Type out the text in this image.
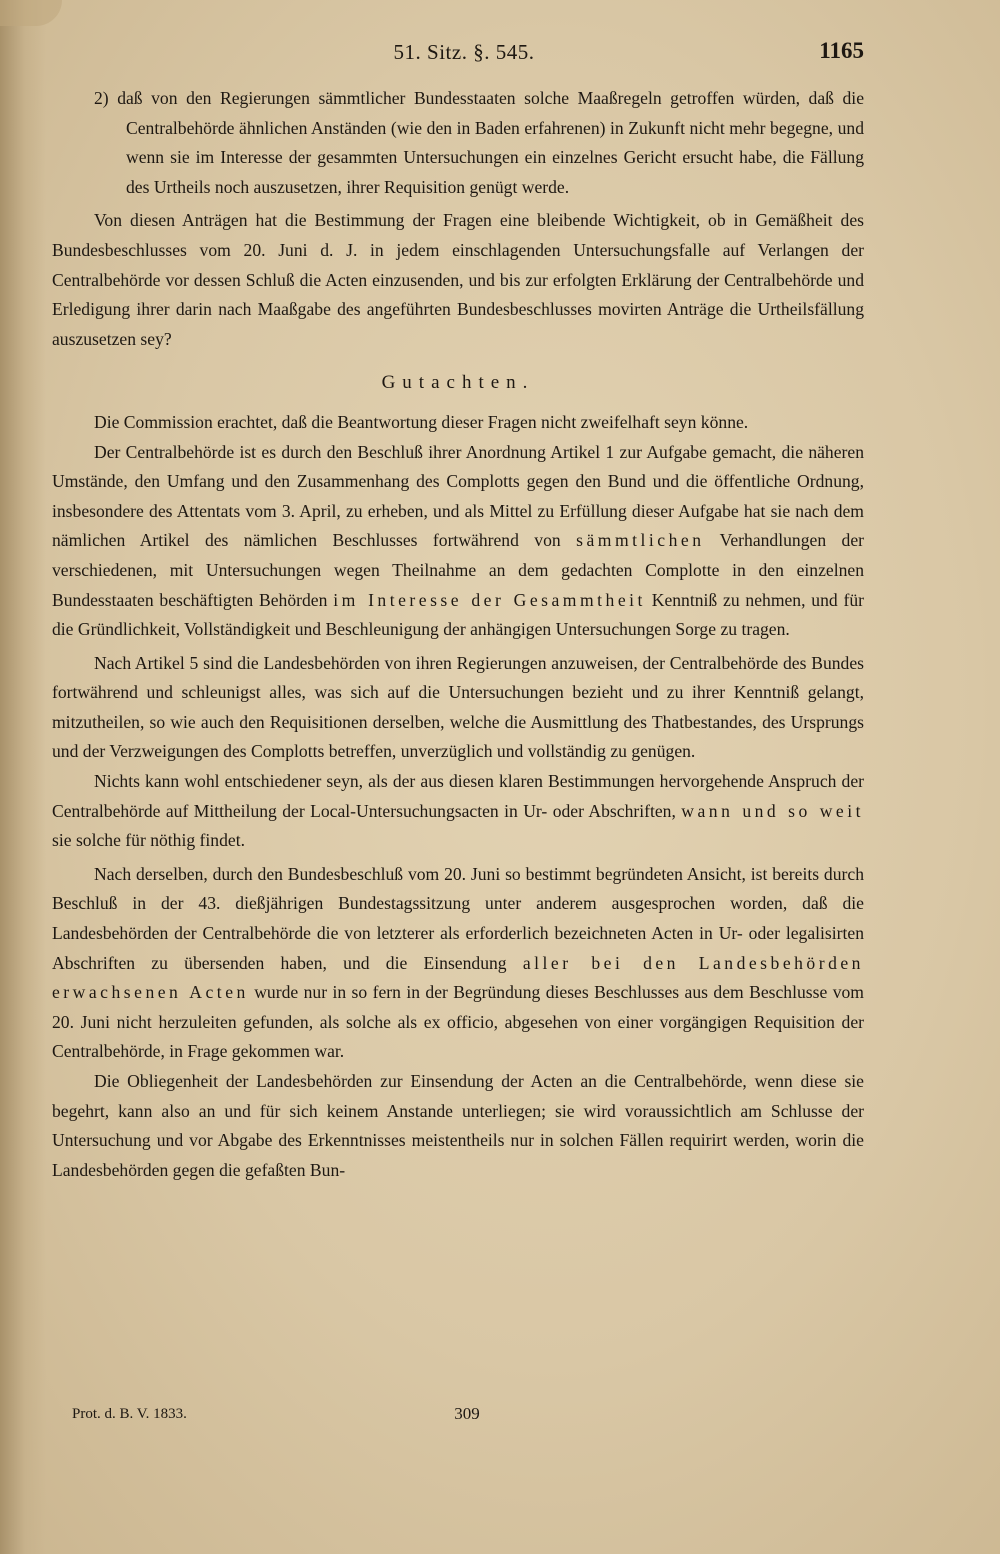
51. Sitz. §. 545.	1165

2) daß von den Regierungen sämmtlicher Bundesstaaten solche Maaßregeln getroffen würden, daß die Centralbehörde ähnlichen Anständen (wie den in Baden erfahrenen) in Zukunft nicht mehr begegne, und wenn sie im Interesse der gesammten Untersuchungen ein einzelnes Gericht ersucht habe, die Fällung des Urtheils noch auszusetzen, ihrer Requisition genügt werde.

Von diesen Anträgen hat die Bestimmung der Fragen eine bleibende Wichtigkeit, ob in Gemäßheit des Bundesbeschlusses vom 20. Juni d. J. in jedem einschlagenden Untersuchungsfalle auf Verlangen der Centralbehörde vor dessen Schluß die Acten einzusenden, und bis zur erfolgten Erklärung der Centralbehörde und Erledigung ihrer darin nach Maaßgabe des angeführten Bundesbeschlusses movirten Anträge die Urtheilsfällung auszusetzen sey?

Gutachten.

Die Commission erachtet, daß die Beantwortung dieser Fragen nicht zweifelhaft seyn könne.

Der Centralbehörde ist es durch den Beschluß ihrer Anordnung Artikel 1 zur Aufgabe gemacht, die näheren Umstände, den Umfang und den Zusammenhang des Complotts gegen den Bund und die öffentliche Ordnung, insbesondere des Attentats vom 3. April, zu erheben, und als Mittel zu Erfüllung dieser Aufgabe hat sie nach dem nämlichen Artikel des nämlichen Beschlusses fortwährend von sämmtlichen Verhandlungen der verschiedenen, mit Untersuchungen wegen Theilnahme an dem gedachten Complotte in den einzelnen Bundesstaaten beschäftigten Behörden im Interesse der Gesammtheit Kenntniß zu nehmen, und für die Gründlichkeit, Vollständigkeit und Beschleunigung der anhängigen Untersuchungen Sorge zu tragen.

Nach Artikel 5 sind die Landesbehörden von ihren Regierungen anzuweisen, der Centralbehörde des Bundes fortwährend und schleunigst alles, was sich auf die Untersuchungen bezieht und zu ihrer Kenntniß gelangt, mitzutheilen, so wie auch den Requisitionen derselben, welche die Ausmittlung des Thatbestandes, des Ursprungs und der Verzweigungen des Complotts betreffen, unverzüglich und vollständig zu genügen.

Nichts kann wohl entschiedener seyn, als der aus diesen klaren Bestimmungen hervorgehende Anspruch der Centralbehörde auf Mittheilung der Local-Untersuchungsacten in Ur- oder Abschriften, wann und so weit sie solche für nöthig findet.

Nach derselben, durch den Bundesbeschluß vom 20. Juni so bestimmt begründeten Ansicht, ist bereits durch Beschluß in der 43. dießjährigen Bundestagssitzung unter anderem ausgesprochen worden, daß die Landesbehörden der Centralbehörde die von letzterer als erforderlich bezeichneten Acten in Ur- oder legalisirten Abschriften zu übersenden haben, und die Einsendung aller bei den Landesbehörden erwachsenen Acten wurde nur in so fern in der Begründung dieses Beschlusses aus dem Beschlusse vom 20. Juni nicht herzuleiten gefunden, als solche als ex officio, abgesehen von einer vorgängigen Requisition der Centralbehörde, in Frage gekommen war.

Die Obliegenheit der Landesbehörden zur Einsendung der Acten an die Centralbehörde, wenn diese sie begehrt, kann also an und für sich keinem Anstande unterliegen; sie wird voraussichtlich am Schlusse der Untersuchung und vor Abgabe des Erkenntnisses meistentheils nur in solchen Fällen requirirt werden, worin die Landesbehörden gegen die gefaßten Bun-

Prot. d. B. V. 1833.	309
